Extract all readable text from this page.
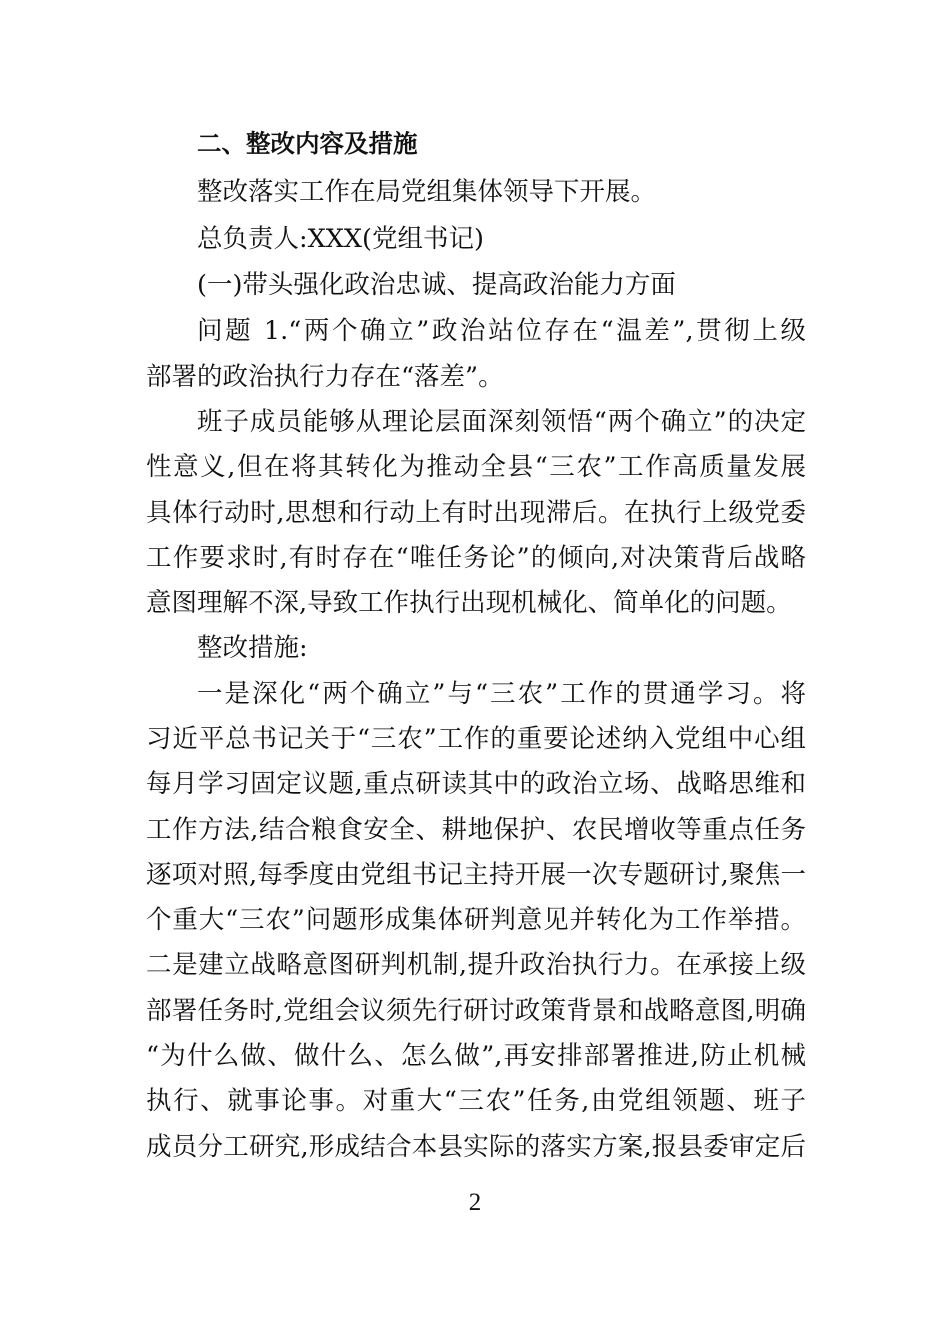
二、整改内容及措施
整改落实工作在局党组集体领导下开展。
总负责人:XXX(党组书记)
(一)带头强化政治忠诚、提高政治能力方面
问题 1.“两个确立”政治站位存在“温差”,贯彻上级
部署的政治执行力存在“落差”。
班子成员能够从理论层面深刻领悟“两个确立”的决定
性意义,但在将其转化为推动全县“三农”工作高质量发展
具体行动时,思想和行动上有时出现滞后。在执行上级党委
工作要求时,有时存在“唯任务论”的倾向,对决策背后战略
意图理解不深,导致工作执行出现机械化、简单化的问题。
整改措施:
一是深化“两个确立”与“三农”工作的贯通学习。将
习近平总书记关于“三农”工作的重要论述纳入党组中心组
每月学习固定议题,重点研读其中的政治立场、战略思维和
工作方法,结合粮食安全、耕地保护、农民增收等重点任务
逐项对照,每季度由党组书记主持开展一次专题研讨,聚焦一
个重大“三农”问题形成集体研判意见并转化为工作举措。
二是建立战略意图研判机制,提升政治执行力。在承接上级
部署任务时,党组会议须先行研讨政策背景和战略意图,明确
“为什么做、做什么、怎么做”,再安排部署推进,防止机械
执行、就事论事。对重大“三农”任务,由党组领题、班子
成员分工研究,形成结合本县实际的落实方案,报县委审定后
2
